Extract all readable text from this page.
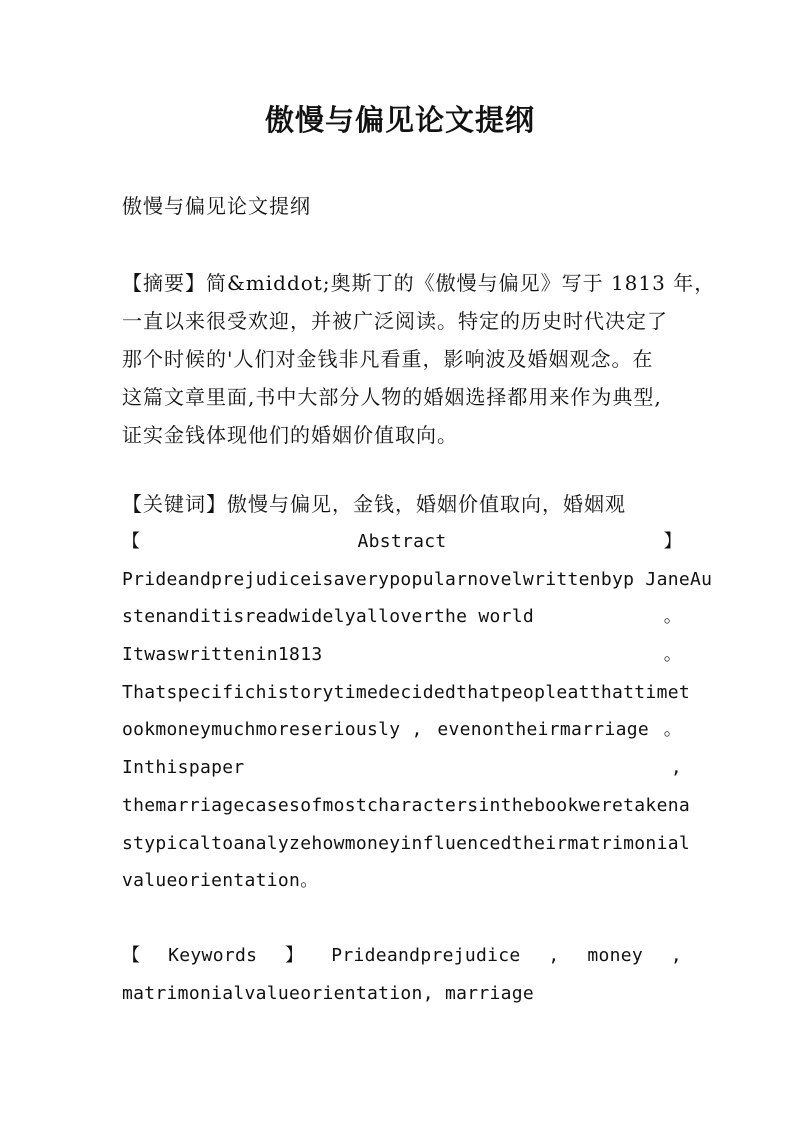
傲慢与偏见论文提纲
傲慢与偏见论文提纲
【摘要】简&middot;奥斯丁的《傲慢与偏见》写于 1813 年，
一直以来很受欢迎，并被广泛阅读。特定的历史时代决定了
那个时候的'人们对金钱非凡看重，影响波及婚姻观念。在
这篇文章里面,书中大部分人物的婚姻选择都用来作为典型,
证实金钱体现他们的婚姻价值取向。
【关键词】傲慢与偏见，金钱，婚姻价值取向，婚姻观
【	Abstract	】
Prideandprejudiceisaverypopularnovelwrittenbyp JaneAu
stenanditisreadwidelyalloverthe world	。
Itwaswrittenin1813	。
Thatspecifichistorytimedecidedthatpeopleatthattimet
ookmoneymuchmoreseriously , evenontheirmarriage 。
Inthispaper	,
themarriagecasesofmostcharactersinthebookweretakena
stypicaltoanalyzehowmoneyinfluencedtheirmatrimonial
valueorientation。
【 Keywords 】 Prideandprejudice , money ,
matrimonialvalueorientation, marriage
